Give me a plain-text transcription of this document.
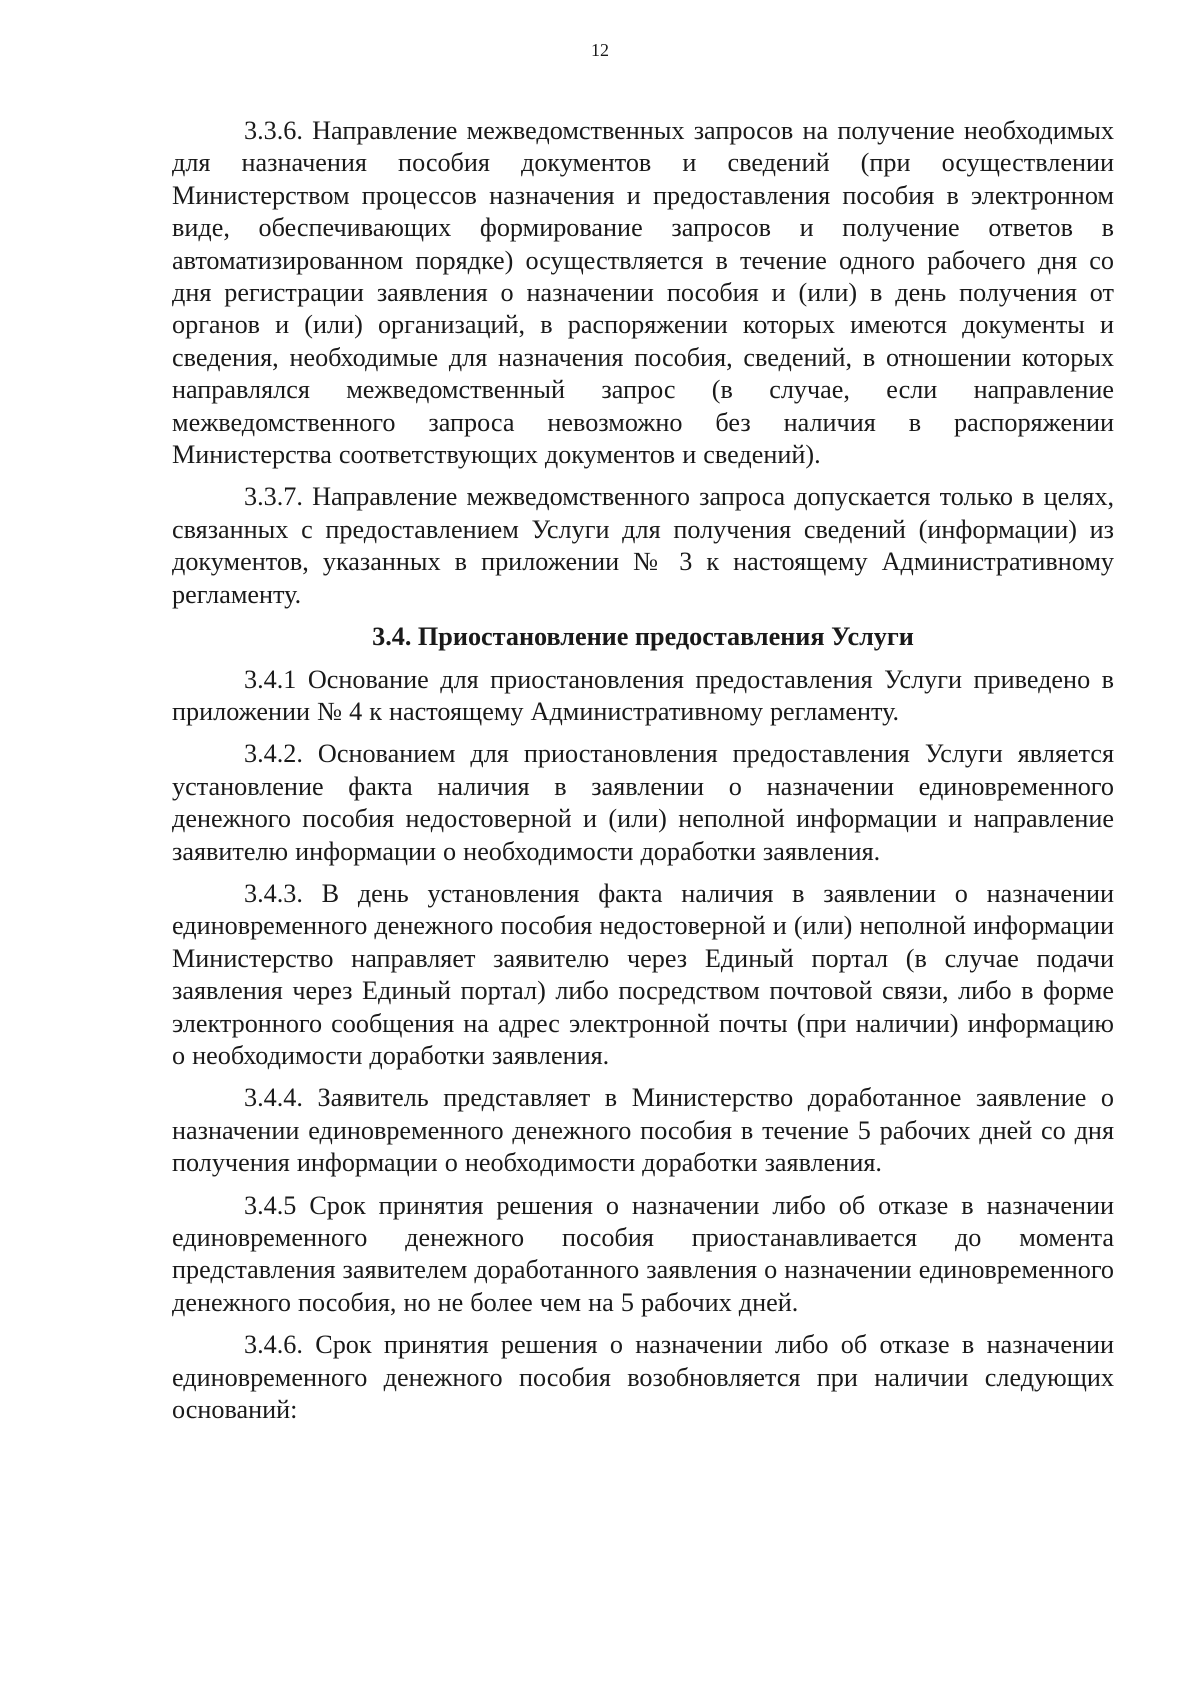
12

3.3.6. Направление межведомственных запросов на получение необходимых для назначения пособия документов и сведений (при осуществлении Министерством процессов назначения и предоставления пособия в электронном виде, обеспечивающих формирование запросов и получение ответов в автоматизированном порядке) осуществляется в течение одного рабочего дня со дня регистрации заявления о назначении пособия и (или) в день получения от органов и (или) организаций, в распоряжении которых имеются документы и сведения, необходимые для назначения пособия, сведений, в отношении которых направлялся межведомственный запрос (в случае, если направление межведомственного запроса невозможно без наличия в распоряжении Министерства соответствующих документов и сведений).

3.3.7. Направление межведомственного запроса допускается только в целях, связанных с предоставлением Услуги для получения сведений (информации) из документов, указанных в приложении № 3 к настоящему Административному регламенту.

3.4. Приостановление предоставления Услуги

3.4.1 Основание для приостановления предоставления Услуги приведено в приложении № 4 к настоящему Административному регламенту.

3.4.2. Основанием для приостановления предоставления Услуги является установление факта наличия в заявлении о назначении единовременного денежного пособия недостоверной и (или) неполной информации и направление заявителю информации о необходимости доработки заявления.

3.4.3. В день установления факта наличия в заявлении о назначении единовременного денежного пособия недостоверной и (или) неполной информации Министерство направляет заявителю через Единый портал (в случае подачи заявления через Единый портал) либо посредством почтовой связи, либо в форме электронного сообщения на адрес электронной почты (при наличии) информацию о необходимости доработки заявления.

3.4.4. Заявитель представляет в Министерство доработанное заявление о назначении единовременного денежного пособия в течение 5 рабочих дней со дня получения информации о необходимости доработки заявления.

3.4.5 Срок принятия решения о назначении либо об отказе в назначении единовременного денежного пособия приостанавливается до момента представления заявителем доработанного заявления о назначении единовременного денежного пособия, но не более чем на 5 рабочих дней.

3.4.6. Срок принятия решения о назначении либо об отказе в назначении единовременного денежного пособия возобновляется при наличии следующих оснований:
